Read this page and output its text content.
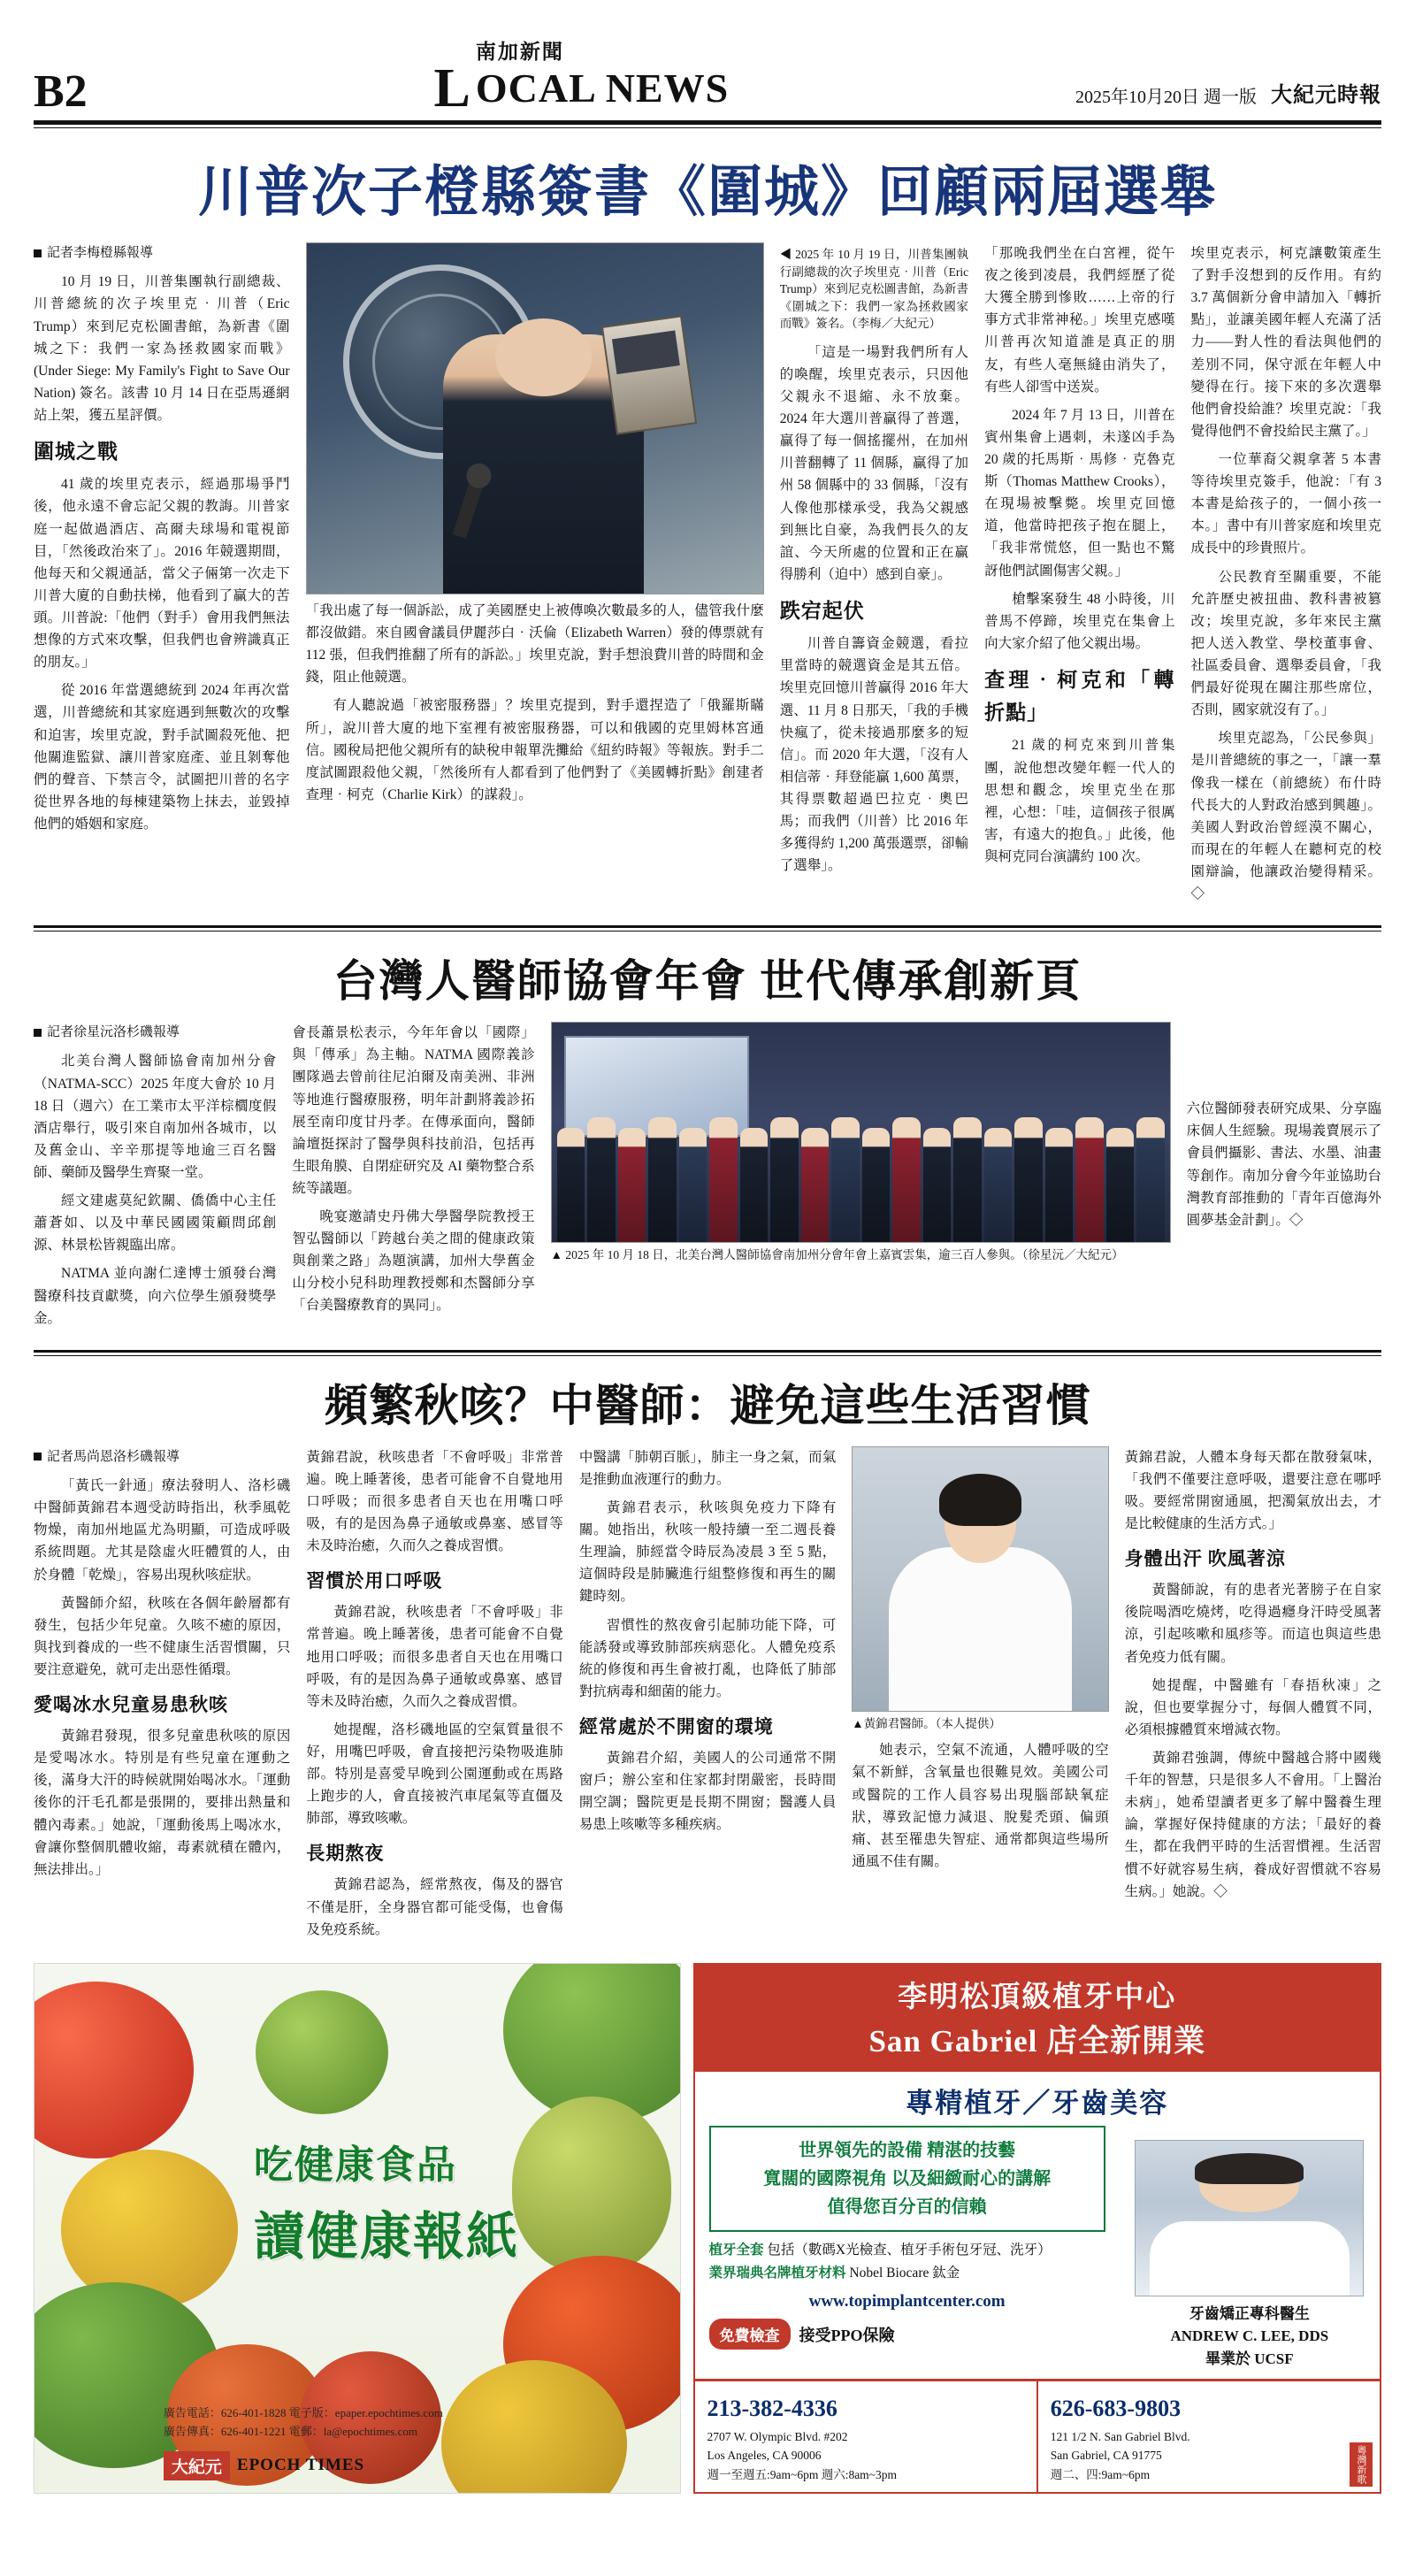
B2	L
南加新聞
OCAL NEWS	2025年10月20日 週一版 大紀元時報
川普次子橙縣簽書《圍城》回顧兩屆選舉
記者李梅橙縣報導

10 月 19 日，川普集團執行副總裁、川普總統的次子埃里克‧川普（Eric Trump）來到尼克松圖書館，為新書《圍城之下：我們一家為拯救國家而戰》(Under Siege: My Family's Fight to Save Our Nation) 簽名。該書 10 月 14 日在亞馬遜網站上架，獲五星評價。

圍城之戰

41 歲的埃里克表示，經過那場爭鬥後，他永遠不會忘記父親的教誨。川普家庭一起做過酒店、高爾夫球場和電視節目，「然後政治來了」。2016 年競選期間，他每天和父親通話，當父子倆第一次走下川普大廈的自動扶梯，他看到了贏大的苦頭。川普說:「他們（對手）會用我們無法想像的方式來攻擊，但我們也會辨識真正的朋友。」

從 2016 年當選總統到 2024 年再次當選，川普總統和其家庭遇到無數次的攻擊和迫害，埃里克說，對手試圖殺死他、把他關進監獄、讓川普家庭產、並且剝奪他們的聲音、下禁言令，試圖把川普的名字從世界各地的每棟建築物上抹去，並毀掉他們的婚姻和家庭。

「我出處了每一個訴訟，成了美國歷史上被傳喚次數最多的人，儘管我什麼都沒做錯。來自國會議員伊麗莎白‧沃倫（Elizabeth Warren）發的傳票就有 112 張，但我們推翻了所有的訴訟。」埃里克說，對手想浪費川普的時間和金錢，阻止他競選。

有人聽說過「被密服務器」？埃里克提到，對手還捏造了「俄羅斯瞞所」，說川普大廈的地下室裡有被密服務器，可以和俄國的克里姆林宮通信。國稅局把他父親所有的缺稅申報單洗攤給《紐約時報》等報族。對手二度試圖跟殺他父親，「然後所有人都看到了他們對了《美國轉折點》創建者查理‧柯克（Charlie Kirk）的謀殺」。

◀ 2025 年 10 月 19 日，川普集團執行副總裁的次子埃里克‧川普（Eric Trump）來到尼克松圖書館，為新書《圍城之下：我們一家為拯救國家而戰》簽名。（李梅／大紀元）

「這是一場對我們所有人的喚醒，埃里克表示，只因他父親永不退縮、永不放棄。2024 年大選川普贏得了普選，贏得了每一個搖擺州，在加州川普翻轉了 11 個縣，贏得了加州 58 個縣中的 33 個縣，「沒有人像他那樣承受，我為父親感到無比自豪，為我們長久的友誼、今天所處的位置和正在贏得勝利（迫中）感到自豪」。

跌宕起伏

川普自籌資金競選，看拉里當時的競選資金是其五倍。埃里克回憶川普贏得 2016 年大選、11 月 8 日那天，「我的手機快瘋了，從未接過那麼多的短信」。而 2020 年大選，「沒有人相信蒂‧拜登能贏 1,600 萬票，其得票數超過巴拉克‧奧巴馬；而我們（川普）比 2016 年多獲得約 1,200 萬張選票，卻輸了選舉」。

「那晚我們坐在白宮裡，從午夜之後到凌晨，我們經歷了從大獲全勝到慘敗……上帝的行事方式非常神秘。」埃里克感嘆川普再次知道誰是真正的朋友，有些人毫無縫由消失了，有些人卻雪中送炭。

2024 年 7 月 13 日，川普在賓州集會上遇刺，未遂凶手為 20 歲的托馬斯‧馬修‧克魯克斯（Thomas Matthew Crooks），在現場被擊斃。埃里克回憶道，他當時把孩子抱在腿上，「我非常慌悠，但一點也不驚訝他們試圖傷害父親。」

槍擊案發生 48 小時後，川普馬不停蹄，埃里克在集會上向大家介紹了他父親出場。

查理‧柯克和「轉折點」

21 歲的柯克來到川普集團，說他想改變年輕一代人的思想和觀念，埃里克坐在那裡，心想：「哇，這個孩子很厲害，有遠大的抱負。」此後，他與柯克同台演講約 100 次。

埃里克表示，柯克讓數策產生了對手沒想到的反作用。有約 3.7 萬個新分會申請加入「轉折點」，並讓美國年輕人充滿了活力——對人性的看法與他們的差別不同，保守派在年輕人中變得在行。接下來的多次選舉他們會投給誰？埃里克說：「我覺得他們不會投給民主黨了。」

一位華裔父親拿著 5 本書等待埃里克簽手，他說：「有 3 本書是給孩子的，一個小孩一本。」書中有川普家庭和埃里克成長中的珍貴照片。

公民教育至關重要，不能允許歷史被扭曲、教科書被篡改；埃里克說，多年來民主黨把人送入教堂、學校董事會、社區委員會、選舉委員會，「我們最好從現在關注那些席位，否則，國家就沒有了。」

埃里克認為，「公民參與」是川普總統的事之一，「讓一羣像我一樣在（前總統）布什時代長大的人對政治感到興趣」。美國人對政治曾經漠不關心，而現在的年輕人在聽柯克的校園辯論，他讓政治變得精采。◇

台灣人醫師協會年會 世代傳承創新頁
記者徐星沅洛杉磯報導

北美台灣人醫師協會南加州分會（NATMA-SCC）2025 年度大會於 10 月 18 日（週六）在工業市太平洋棕櫚度假酒店舉行，吸引來自南加州各城市，以及舊金山、辛辛那提等地逾三百名醫師、藥師及醫學生齊聚一堂。

經文建處莫紀欽關、僑僑中心主任蕭蒼如、以及中華民國國策顧問邱創源、林景松皆親臨出席。

NATMA 並向謝仁達博士頒發台灣醫療科技貢獻獎，向六位學生頒發獎學金。

會長蕭景松表示，今年年會以「國際」與「傳承」為主軸。NATMA 國際義診團隊過去曾前往尼泊爾及南美洲、非洲等地進行醫療服務，明年計劃將義診拓展至南印度甘丹孝。在傳承面向，醫師論壇挺探討了醫學與科技前沿，包括再生眼角膜、自閉症研究及 AI 藥物整合系統等議題。

晚宴邀請史丹佛大學醫學院教授王智弘醫師以「跨越台美之間的健康政策與創業之路」為題演講，加州大學舊金山分校小兒科助理教授鄭和杰醫師分享「台美醫療教育的異同」。

▲ 2025 年 10 月 18 日，北美台灣人醫師協會南加州分會年會上嘉賓雲集，逾三百人參與。（徐星沅／大紀元）

六位醫師發表研究成果、分享臨床個人生經驗。現場義賣展示了會員們攝影、書法、水墨、油畫等創作。南加分會今年並協助台灣教育部推動的「青年百億海外圓夢基金計劃」。◇

頻繁秋咳？中醫師：避免這些生活習慣
記者馬尚恩洛杉磯報導

「黃氏一針通」療法發明人、洛杉磯中醫師黃錦君本週受訪時指出，秋季風乾物燥，南加州地區尤為明顯，可造成呼吸系統問題。尤其是陰虛火旺體質的人，由於身體「乾燥」，容易出現秋咳症狀。

黃醫師介紹，秋咳在各個年齡層都有發生，包括少年兒童。久咳不癒的原因，與找到養成的一些不健康生活習慣關，只要注意避免，就可走出惡性循環。

愛喝冰水兒童易患秋咳

黃錦君發現，很多兒童患秋咳的原因是愛喝冰水。特別是有些兒童在運動之後，滿身大汗的時候就開始喝冰水。「運動後你的汗毛孔都是張開的，要排出熱量和體內毒素。」她說，「運動後馬上喝冰水，會讓你整個肌體收縮，毒素就積在體內，無法排出。」

黃錦君說，秋咳患者「不會呼吸」非常普遍。晚上睡著後，患者可能會不自覺地用口呼吸；而很多患者自天也在用嘴口呼吸，有的是因為鼻子通敏或鼻塞、感冒等未及時治癒，久而久之養成習慣。

習慣於用口呼吸

黃錦君說，秋咳患者「不會呼吸」非常普遍。晚上睡著後，患者可能會不自覺地用口呼吸；而很多患者自天也在用嘴口呼吸，有的是因為鼻子通敏或鼻塞、感冒等未及時治癒，久而久之養成習慣。

她提醒，洛杉磯地區的空氣質量很不好，用嘴巴呼吸，會直接把污染物吸進肺部。特別是喜愛早晚到公園運動或在馬路上跑步的人，會直接被汽車尾氣等直僵及肺部，導致咳嗽。

長期熬夜

黃錦君認為，經常熬夜，傷及的器官不僅是肝，全身器官都可能受傷，也會傷及免疫系統。

中醫講「肺朝百脈」，肺主一身之氣，而氣是推動血液運行的動力。

黃錦君表示，秋咳與免疫力下降有關。她指出，秋咳一般持續一至二週長養生理論，肺經當令時辰為凌晨 3 至 5 點，這個時段是肺臟進行組整修復和再生的關鍵時刻。

習慣性的熬夜會引起肺功能下降，可能誘發或導致肺部疾病惡化。人體免疫系統的修復和再生會被打亂，也降低了肺部對抗病毒和細菌的能力。

經常處於不開窗的環境

黃錦君介紹，美國人的公司通常不開窗戶；辦公室和住家都封閉嚴密，長時間開空調；醫院更是長期不開窗；醫護人員易患上咳嗽等多種疾病。

▲黃錦君醫師。（本人提供）

她表示，空氣不流通，人體呼吸的空氣不新鮮，含氧量也很難見效。美國公司或醫院的工作人員容易出現腦部缺氧症狀，導致記憶力減退、脫髮禿頭、偏頭痛、甚至罹患失智症、通常都與這些場所通風不佳有關。

黃錦君說，人體本身每天都在散發氣味，「我們不僅要注意呼吸，還要注意在哪呼吸。要經常開窗通風，把濁氣放出去，才是比較健康的生活方式。」

身體出汗 吹風著涼

黃醫師說，有的患者光著膀子在自家後院喝酒吃燒烤，吃得過癮身汗時受風著涼，引起咳嗽和風疹等。而這也與這些患者免疫力低有關。

她提醒，中醫雖有「春捂秋凍」之說，但也要掌握分寸，每個人體質不同，必須根據體質來增減衣物。

黃錦君強調，傳統中醫越合將中國幾千年的智慧，只是很多人不會用。「上醫治未病」，她希望讀者更多了解中醫養生理論，掌握好保持健康的方法；「最好的養生，都在我們平時的生活習慣裡。生活習慣不好就容易生病，養成好習慣就不容易生病。」她說。◇

吃健康食品
讀健康報紙
廣告電話：626-401-1828 電子版：epaper.epochtimes.com
廣告傳真：626-401-1221 電郵：la@epochtimes.com
大紀元 EPOCH TIMES
李明松頂級植牙中心
San Gabriel 店全新開業
專精植牙／牙齒美容
世界領先的設備 精湛的技藝
寬闊的國際視角 以及細緻耐心的講解
值得您百分百的信賴
植牙全套 包括（數碼X光檢查、植牙手術包牙冠、洗牙）
業界瑞典名牌植牙材料 Nobel Biocare 鈦金
www.topimplantcenter.com
免費檢查	接受PPO保險
牙齒矯正專科醫生
ANDREW C. LEE, DDS
畢業於 UCSF
213-382-4336
2707 W. Olympic Blvd. #202
Los Angeles, CA 90006
週一至週五:9am~6pm 週六:8am~3pm
626-683-9803
121 1/2 N. San Gabriel Blvd.
San Gabriel, CA 91775
週二、四:9am~6pm	粵灣新歌
